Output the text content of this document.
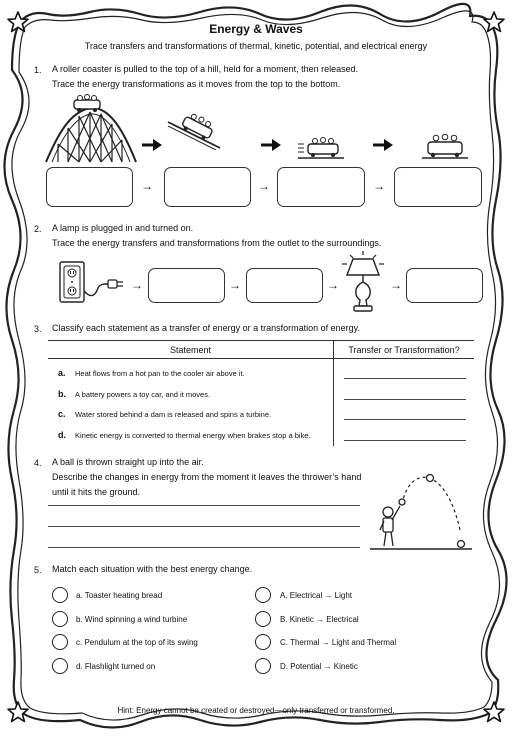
Energy & Waves
Trace transfers and transformations of thermal, kinetic, potential, and electrical energy
1. A roller coaster is pulled to the top of a hill, held for a moment, then released.
Trace the energy transformations as it moves from the top to the bottom.
→	→	→
2. A lamp is plugged in and turned on.
Trace the energy transfers and transformations from the outlet to the surroundings.
→	→	→	→
3. Classify each statement as a transfer of energy or a transformation of energy.
Statement	Transfer or Transformation?
a. Heat flows from a hot pan to the cooler air above it.
b. A battery powers a toy car, and it moves.
c. Water stored behind a dam is released and spins a turbine.
d. Kinetic energy is converted to thermal energy when brakes stop a bike.
4. A ball is thrown straight up into the air.
Describe the changes in energy from the moment it leaves the thrower’s hand
until it hits the ground.
5. Match each situation with the best energy change.
a. Toaster heating bread
b. Wind spinning a wind turbine
c. Pendulum at the top of its swing
d. Flashlight turned on
A. Electrical → Light
B. Kinetic → Electrical
C. Thermal → Light and Thermal
D. Potential → Kinetic
Hint: Energy cannot be created or destroyed—only transferred or transformed.
